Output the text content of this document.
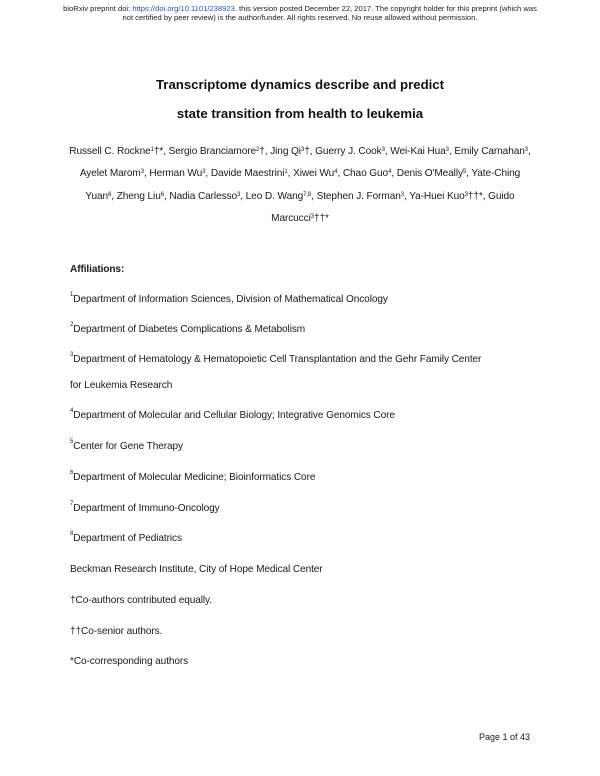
bioRxiv preprint doi: https://doi.org/10.1101/238923. this version posted December 22, 2017. The copyright holder for this preprint (which was
not certified by peer review) is the author/funder. All rights reserved. No reuse allowed without permission.
Transcriptome dynamics describe and predict
state transition from health to leukemia
Russell C. Rockne$^1$†*, Sergio Branciamore$^2$†, Jing Qi$^3$†, Guerry J. Cook$^3$, Wei-Kai Hua$^3$, Emily Carnahan$^3$, Ayelet Marom$^3$, Herman Wu$^3$, Davide Maestrini$^1$, Xiwei Wu$^4$, Chao Guo$^4$, Denis O'Meally$^5$, Yate-Ching Yuan$^6$, Zheng Liu$^6$, Nadia Carlesso$^3$, Leo D. Wang$^{7,8}$, Stephen J. Forman$^3$, Ya-Huei Kuo$^3$††*, Guido Marcucci$^3$††*
Affiliations:
$^1$Department of Information Sciences, Division of Mathematical Oncology
$^2$Department of Diabetes Complications & Metabolism
$^3$Department of Hematology & Hematopoietic Cell Transplantation and the Gehr Family Center
for Leukemia Research
$^4$Department of Molecular and Cellular Biology; Integrative Genomics Core
$^5$Center for Gene Therapy
$^6$Department of Molecular Medicine; Bioinformatics Core
$^7$Department of Immuno-Oncology
$^8$Department of Pediatrics
Beckman Research Institute, City of Hope Medical Center
†Co-authors contributed equally.
††Co-senior authors.
*Co-corresponding authors
Page 1 of 43
